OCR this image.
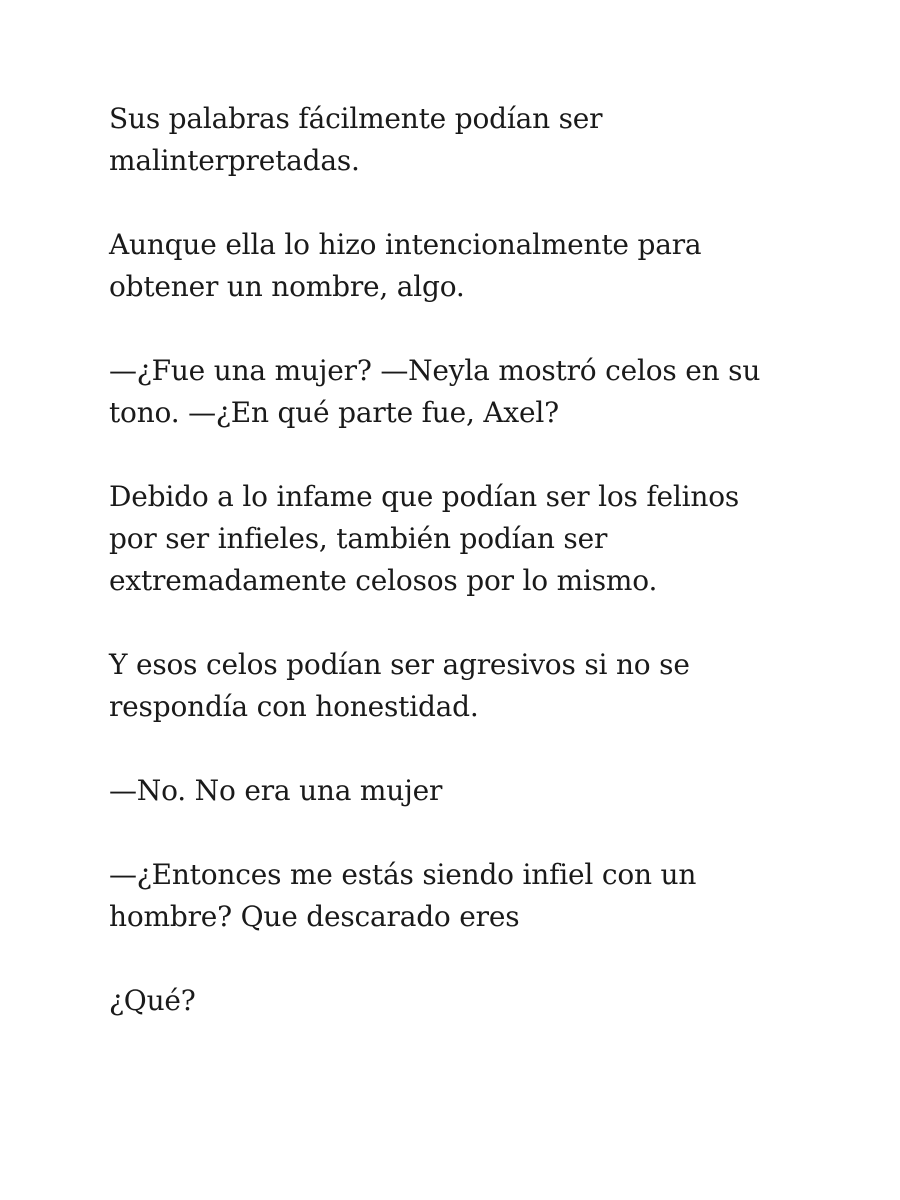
Sus palabras fácilmente podían ser
malinterpretadas.

Aunque ella lo hizo intencionalmente para
obtener un nombre, algo.

—¿Fue una mujer? —Neyla mostró celos en su
tono. —¿En qué parte fue, Axel?

Debido a lo infame que podían ser los felinos
por ser infieles, también podían ser
extremadamente celosos por lo mismo.

Y esos celos podían ser agresivos si no se
respondía con honestidad.

—No. No era una mujer

—¿Entonces me estás siendo infiel con un
hombre? Que descarado eres

¿Qué?
